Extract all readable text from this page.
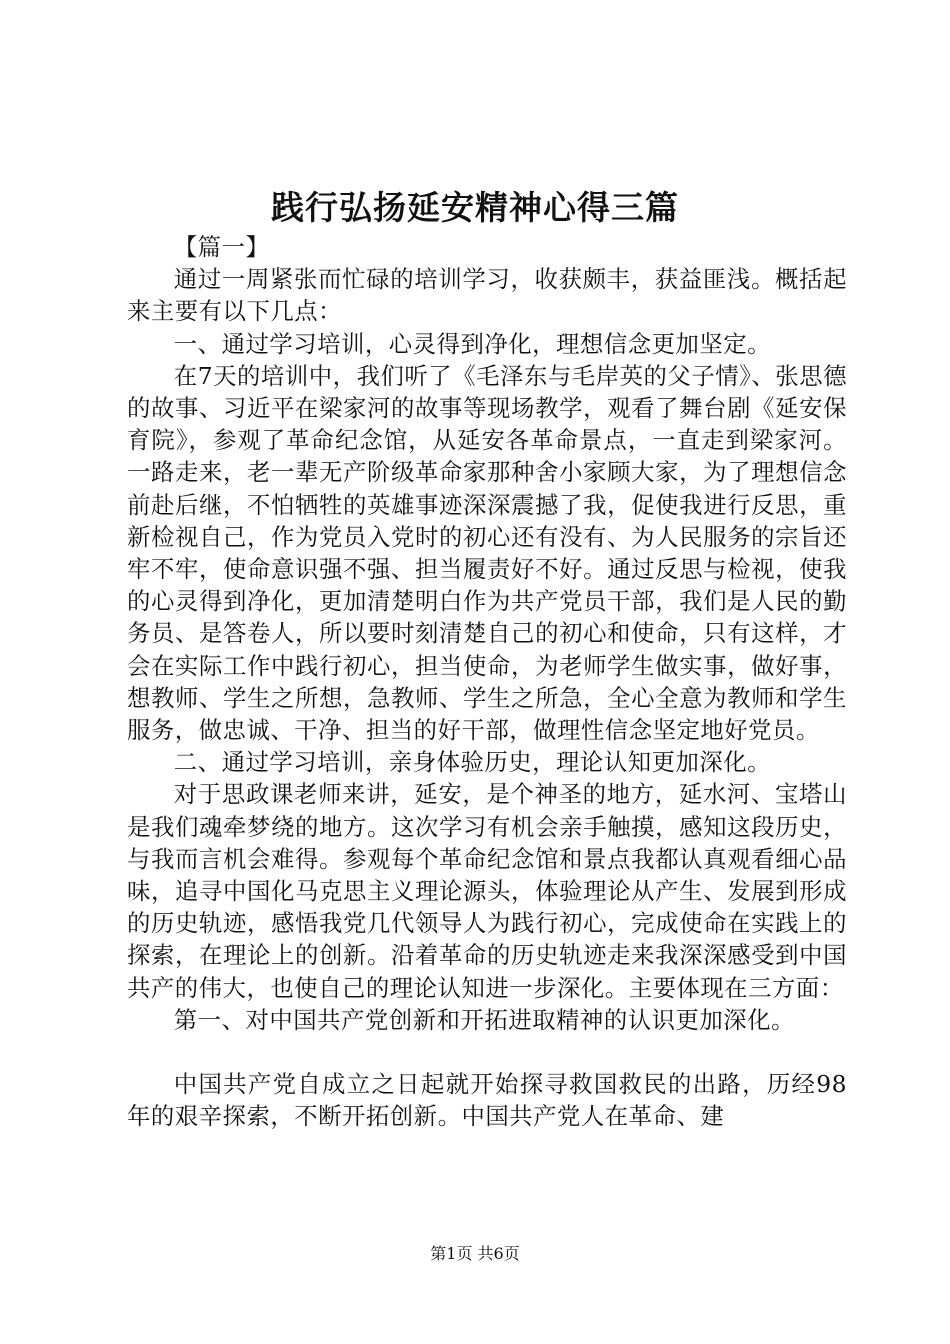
践行弘扬延安精神心得三篇

【篇一】

通过一周紧张而忙碌的培训学习，收获颇丰，获益匪浅。概括起来主要有以下几点：

一、通过学习培训，心灵得到净化，理想信念更加坚定。

在7天的培训中，我们听了《毛泽东与毛岸英的父子情》、张思德的故事、习近平在梁家河的故事等现场教学，观看了舞台剧《延安保育院》，参观了革命纪念馆，从延安各革命景点，一直走到梁家河。一路走来，老一辈无产阶级革命家那种舍小家顾大家，为了理想信念前赴后继，不怕牺牲的英雄事迹深深震撼了我，促使我进行反思，重新检视自己，作为党员入党时的初心还有没有、为人民服务的宗旨还牢不牢，使命意识强不强、担当履责好不好。通过反思与检视，使我的心灵得到净化，更加清楚明白作为共产党员干部，我们是人民的勤务员、是答卷人，所以要时刻清楚自己的初心和使命，只有这样，才会在实际工作中践行初心，担当使命，为老师学生做实事，做好事，想教师、学生之所想，急教师、学生之所急，全心全意为教师和学生服务，做忠诚、干净、担当的好干部，做理性信念坚定地好党员。

二、通过学习培训，亲身体验历史，理论认知更加深化。

对于思政课老师来讲，延安，是个神圣的地方，延水河、宝塔山是我们魂牵梦绕的地方。这次学习有机会亲手触摸，感知这段历史，与我而言机会难得。参观每个革命纪念馆和景点我都认真观看细心品味，追寻中国化马克思主义理论源头，体验理论从产生、发展到形成的历史轨迹，感悟我党几代领导人为践行初心，完成使命在实践上的探索，在理论上的创新。沿着革命的历史轨迹走来我深深感受到中国共产的伟大，也使自己的理论认知进一步深化。主要体现在三方面：

第一、对中国共产党创新和开拓进取精神的认识更加深化。

中国共产党自成立之日起就开始探寻救国救民的出路，历经98年的艰辛探索，不断开拓创新。中国共产党人在革命、建

第1页 共6页
